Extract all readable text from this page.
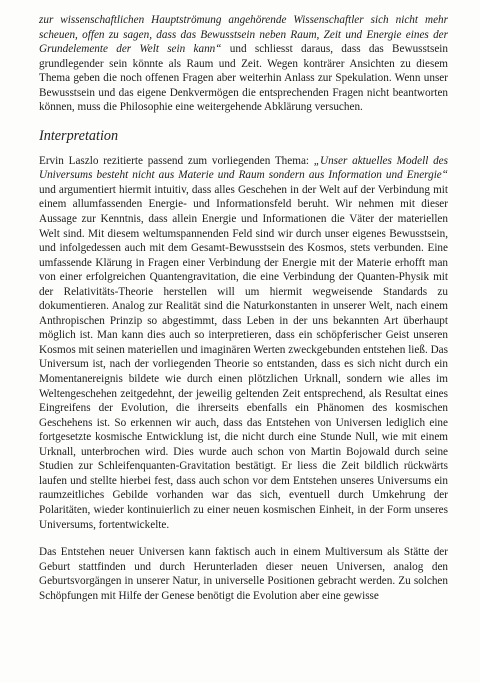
zur wissenschaftlichen Hauptströmung angehörende Wissenschaftler sich nicht mehr scheuen, offen zu sagen, dass das Bewusstsein neben Raum, Zeit und Energie eines der Grundelemente der Welt sein kann“ und schliesst daraus, dass das Bewusstsein grundlegender sein könnte als Raum und Zeit. Wegen konträrer Ansichten zu diesem Thema geben die noch offenen Fragen aber weiterhin Anlass zur Spekulation. Wenn unser Bewusstsein und das eigene Denkvermögen die entsprechenden Fragen nicht beantworten können, muss die Philosophie eine weitergehende Abklärung versuchen.

Interpretation

Ervin Laszlo rezitierte passend zum vorliegenden Thema: „Unser aktuelles Modell des Universums besteht nicht aus Materie und Raum sondern aus Information und Energie“ und argumentiert hiermit intuitiv, dass alles Geschehen in der Welt auf der Verbindung mit einem allumfassenden Energie- und Informationsfeld beruht. Wir nehmen mit dieser Aussage zur Kenntnis, dass allein Energie und Informationen die Väter der materiellen Welt sind. Mit diesem weltumspannenden Feld sind wir durch unser eigenes Bewusstsein, und infolgedessen auch mit dem Gesamt-Bewusstsein des Kosmos, stets verbunden. Eine umfassende Klärung in Fragen einer Verbindung der Energie mit der Materie erhofft man von einer erfolgreichen Quantengravitation, die eine Verbindung der Quanten-Physik mit der Relativitäts-Theorie herstellen will um hiermit wegweisende Standards zu dokumentieren. Analog zur Realität sind die Naturkonstanten in unserer Welt, nach einem Anthropischen Prinzip so abgestimmt, dass Leben in der uns bekannten Art überhaupt möglich ist. Man kann dies auch so interpretieren, dass ein schöpferischer Geist unseren Kosmos mit seinen materiellen und imaginären Werten zweckgebunden entstehen ließ. Das Universum ist, nach der vorliegenden Theorie so entstanden, dass es sich nicht durch ein Momentanereignis bildete wie durch einen plötzlichen Urknall, sondern wie alles im Weltengeschehen zeitgedehnt, der jeweilig geltenden Zeit entsprechend, als Resultat eines Eingreifens der Evolution, die ihrerseits ebenfalls ein Phänomen des kosmischen Geschehens ist. So erkennen wir auch, dass das Entstehen von Universen lediglich eine fortgesetzte kosmische Entwicklung ist, die nicht durch eine Stunde Null, wie mit einem Urknall, unterbrochen wird. Dies wurde auch schon von Martin Bojowald durch seine Studien zur Schleifenquanten-Gravitation bestätigt. Er liess die Zeit bildlich rückwärts laufen und stellte hierbei fest, dass auch schon vor dem Entstehen unseres Universums ein raumzeitliches Gebilde vorhanden war das sich, eventuell durch Umkehrung der Polaritäten, wieder kontinuierlich zu einer neuen kosmischen Einheit, in der Form unseres Universums, fortentwickelte.

Das Entstehen neuer Universen kann faktisch auch in einem Multiversum als Stätte der Geburt stattfinden und durch Herunterladen dieser neuen Universen, analog den Geburtsvorgängen in unserer Natur, in universelle Positionen gebracht werden. Zu solchen Schöpfungen mit Hilfe der Genese benötigt die Evolution aber eine gewisse
